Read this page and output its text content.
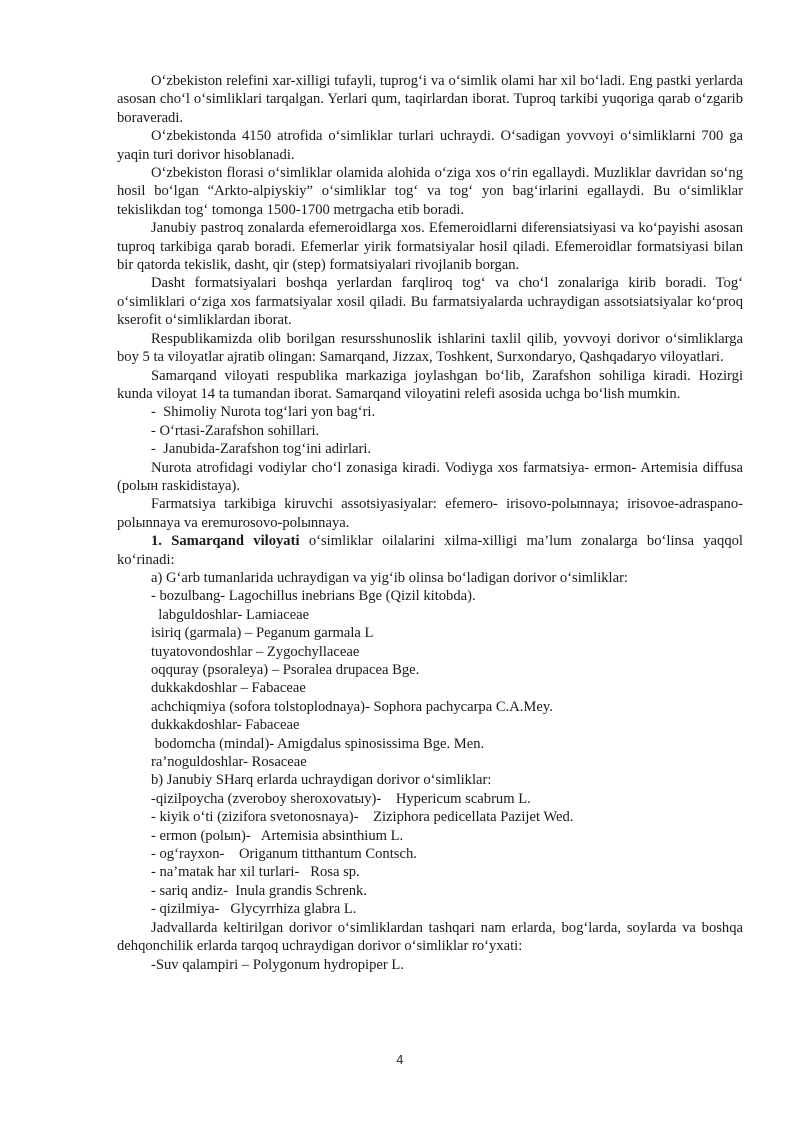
O‘zbekiston relefini xar-xilligi tufayli, tuprog‘i va o‘simlik olami har xil bo‘ladi. Eng pastki yerlarda asosan cho‘l o‘simliklari tarqalgan. Yerlari qum, taqirlardan iborat. Tuproq tarkibi yuqoriga qarab o‘zgarib boraveradi.

O‘zbekistonda 4150 atrofida o‘simliklar turlari uchraydi. O‘sadigan yovvoyi o‘simliklarni 700 ga yaqin turi dorivor hisoblanadi.

O‘zbekiston florasi o‘simliklar olamida alohida o‘ziga xos o‘rin egallaydi. Muzliklar davridan so‘ng hosil bo‘lgan “Arkto-alpiyskiy” o‘simliklar tog‘ va tog‘ yon bag‘irlarini egallaydi. Bu o‘simliklar tekislikdan tog‘ tomonga 1500-1700 metrgacha etib boradi.

Janubiy pastroq zonalarda efemeroidlarga xos. Efemeroidlarni diferensiatsiyasi va ko‘payishi asosan tuproq tarkibiga qarab boradi. Efemerlar yirik formatsiyalar hosil qiladi. Efemeroidlar formatsiyasi bilan bir qatorda tekislik, dasht, qir (step) formatsiyalari rivojlanib borgan.

Dasht formatsiyalari boshqa yerlardan farqliroq tog‘ va cho‘l zonalariga kirib boradi. Tog‘ o‘simliklari o‘ziga xos farmatsiyalar xosil qiladi. Bu farmatsiyalarda uchraydigan assotsiatsiyalar ko‘proq kserofit o‘simliklardan iborat.

Respublikamizda olib borilgan resursshunoslik ishlarini taxlil qilib, yovvoyi dorivor o‘simliklarga boy 5 ta viloyatlar ajratib olingan: Samarqand, Jizzax, Toshkent, Surxondaryo, Qashqadaryo viloyatlari.

Samarqand viloyati respublika markaziga joylashgan bo‘lib, Zarafshon sohiliga kiradi. Hozirgi kunda viloyat 14 ta tumandan iborat. Samarqand viloyatini relefi asosida uchga bo‘lish mumkin.

-  Shimoliy Nurota tog‘lari yon bag‘ri.

- O‘rtasi-Zarafshon sohillari.

-  Janubida-Zarafshon tog‘ini adirlari.

Nurota atrofidagi vodiylar cho‘l zonasiga kiradi. Vodiyga xos farmatsiya- ermon- Artemisia diffusa (polын raskidistaya).

Farmatsiya tarkibiga kiruvchi assotsiyasiyalar: efemero- irisovo-polыnnaya; irisovoe-adraspano-polыnnaya va eremurosovo-polыnnaya.

1. Samarqand viloyati o‘simliklar oilalarini xilma-xilligi ma’lum zonalarga bo‘linsa yaqqol ko‘rinadi:

a) G‘arb tumanlarida uchraydigan va yig‘ib olinsa bo‘ladigan dorivor o‘simliklar:

- bozulbang- Lagochillus inebrians Bge (Qizil kitobda).

labguldoshlar- Lamiaceae

isiriq (garmala) – Peganum garmala L

tuyatovondoshlar – Zygochyllaceae

oqquray (psoraleya) – Psoralea drupacea Bge.

dukkakdoshlar – Fabaceae

achchiqmiya (sofora tolstoplodnaya)- Sophora pachycarpa C.A.Mey.

dukkakdoshlar- Fabaceae

bodomcha (mindal)- Amigdalus spinosissima Bge. Men.

ra’noguldoshlar- Rosaceae

b) Janubiy SHarq erlarda uchraydigan dorivor o‘simliklar:

-qizilpoycha (zveroboy sheroxovatыy)-    Hypericum scabrum L.

- kiyik o‘ti (zizifora svetonosnaya)-    Ziziphora pedicellata Pazijet Wed.

- ermon (polыn)-   Artemisia absinthium L.

- og‘rayxon-    Origanum titthantum Contsch.

- na’matak har xil turlari-   Rosa sp.

- sariq andiz-  Inula grandis Schrenk.

- qizilmiya-   Glycyrrhiza glabra L.

Jadvallarda keltirilgan dorivor o‘simliklardan tashqari nam erlarda, bog‘larda, soylarda va boshqa dehqonchilik erlarda tarqoq uchraydigan dorivor o‘simliklar ro‘yxati:

-Suv qalampiri – Polygonum hydropiper L.

4
